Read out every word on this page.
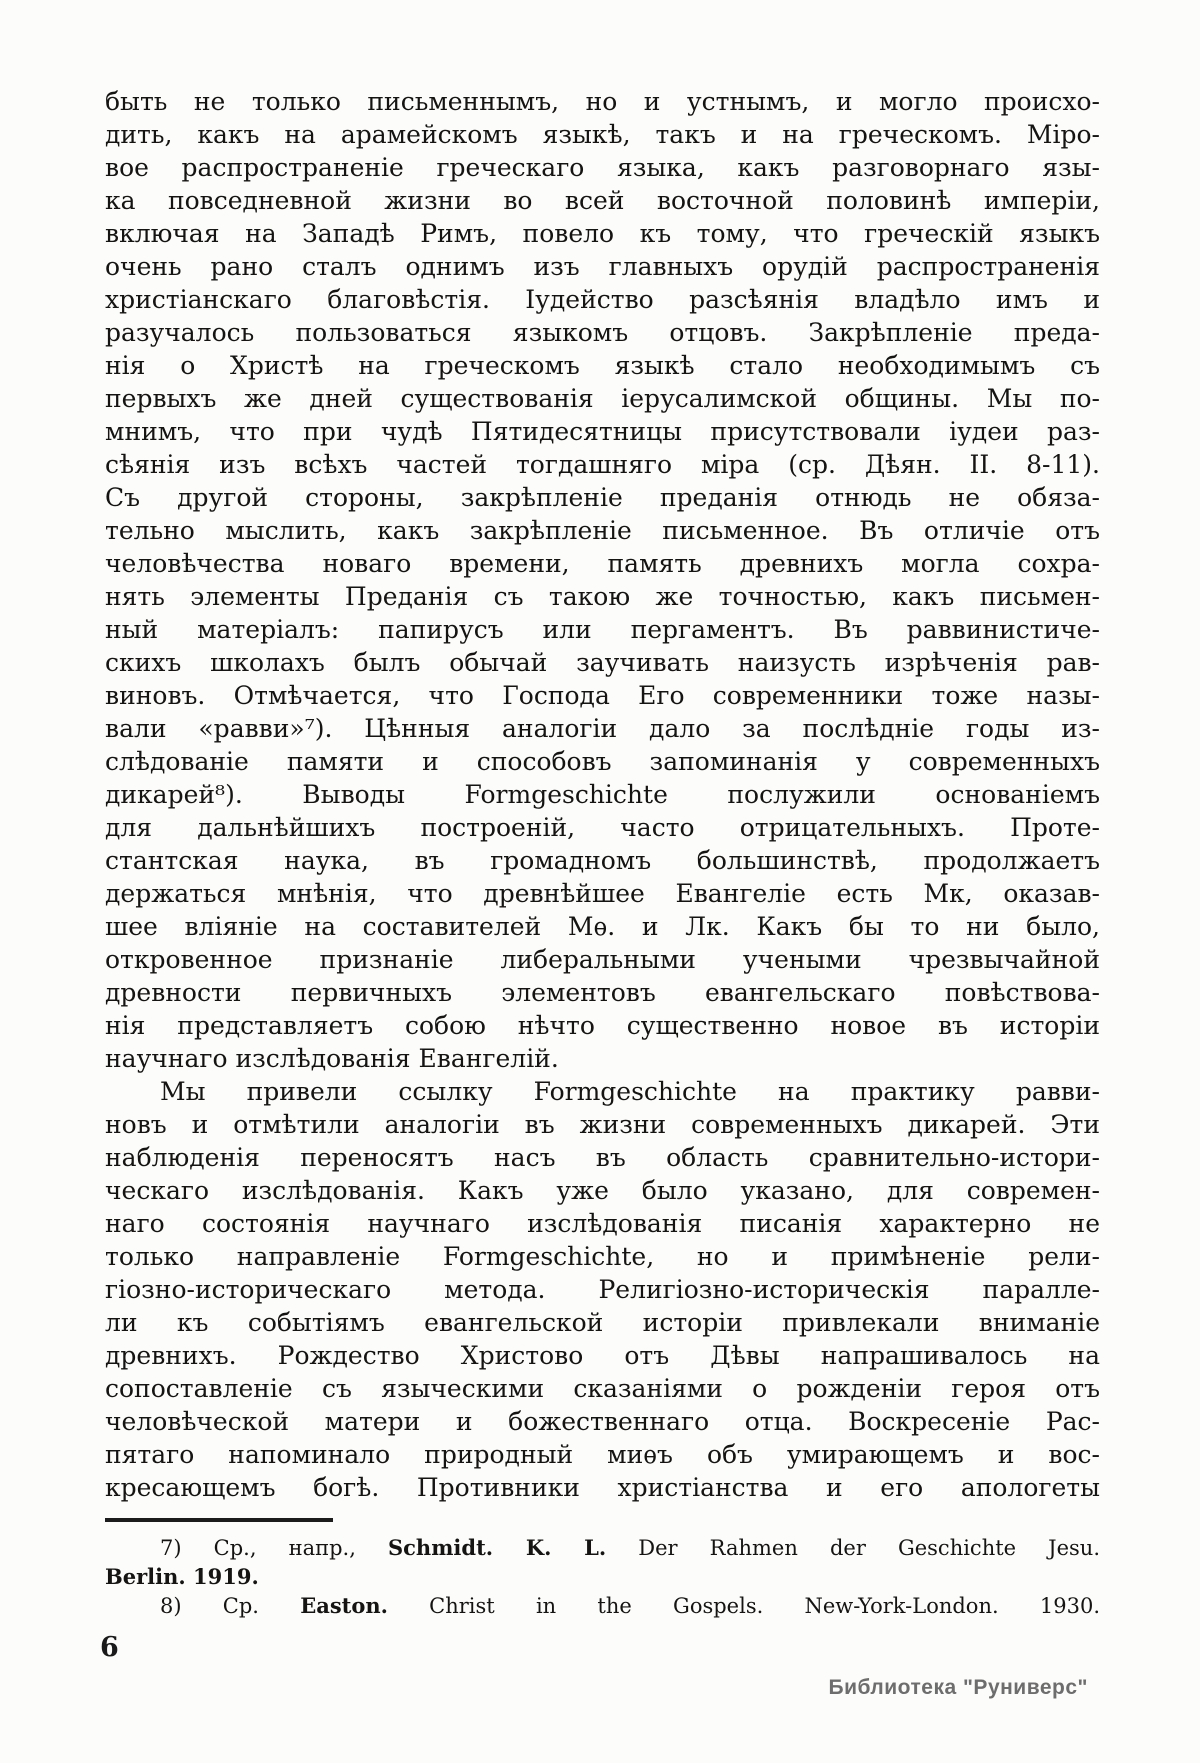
быть не только письменнымъ, но и устнымъ, и могло происхо-
дить, какъ на арамейскомъ языкѣ, такъ и на греческомъ. Міро-
вое распространеніе греческаго языка, какъ разговорнаго язы-
ка повседневной жизни во всей восточной половинѣ имперіи,
включая на Западѣ Римъ, повело къ тому, что греческій языкъ
очень рано сталъ однимъ изъ главныхъ орудій распространенія
христіанскаго благовѣстія. Іудейство разсѣянія владѣло имъ и
разучалось пользоваться языкомъ отцовъ. Закрѣпленіе преда-
нія о Христѣ на греческомъ языкѣ стало необходимымъ съ
первыхъ же дней существованія іерусалимской общины. Мы по-
мнимъ, что при чудѣ Пятидесятницы присутствовали іудеи раз-
сѣянія изъ всѣхъ частей тогдашняго міра (ср. Дѣян. II. 8-11).
Съ другой стороны, закрѣпленіе преданія отнюдь не обяза-
тельно мыслить, какъ закрѣпленіе письменное. Въ отличіе отъ
человѣчества новаго времени, память древнихъ могла сохра-
нять элементы Преданія съ такою же точностью, какъ письмен-
ный матеріалъ: папирусъ или пергаментъ. Въ раввинистиче-
скихъ школахъ былъ обычай заучивать наизусть изрѣченія рав-
виновъ. Отмѣчается, что Господа Его современники тоже назы-
вали «равви»⁷). Цѣнныя аналогіи дало за послѣдніе годы из-
слѣдованіе памяти и способовъ запоминанія у современныхъ
дикарей⁸). Выводы Formgeschichte послужили основаніемъ
для дальнѣйшихъ построеній, часто отрицательныхъ. Проте-
стантская наука, въ громадномъ большинствѣ, продолжаетъ
держаться мнѣнія, что древнѣйшее Евангеліе есть Мк, оказав-
шее вліяніе на составителей Мѳ. и Лк. Какъ бы то ни было,
откровенное признаніе либеральными учеными чрезвычайной
древности первичныхъ элементовъ евангельскаго повѣствова-
нія представляетъ собою нѣчто существенно новое въ исторіи
научнаго изслѣдованія Евангелій.
Мы привели ссылку Formgeschichte на практику равви-
новъ и отмѣтили аналогіи въ жизни современныхъ дикарей. Эти
наблюденія переносятъ насъ въ область сравнительно-истори-
ческаго изслѣдованія. Какъ уже было указано, для современ-
наго состоянія научнаго изслѣдованія писанія характерно не
только направленіе Formgeschichte, но и примѣненіе рели-
гіозно-историческаго метода. Религіозно-историческія паралле-
ли къ событіямъ евангельской исторіи привлекали вниманіе
древнихъ. Рождество Христово отъ Дѣвы напрашивалось на
сопоставленіе съ языческими сказаніями о рожденіи героя отъ
человѣческой матери и божественнаго отца. Воскресеніе Рас-
пятаго напоминало природный миѳъ объ умирающемъ и вос-
кресающемъ богѣ. Противники христіанства и его апологеты
7) Ср., напр., Schmidt. K. L. Der Rahmen der Geschichte Jesu.
Berlin. 1919.
8) Ср. Easton. Christ in the Gospels. New-York-London. 1930.
6
Библиотека "Руниверс"
